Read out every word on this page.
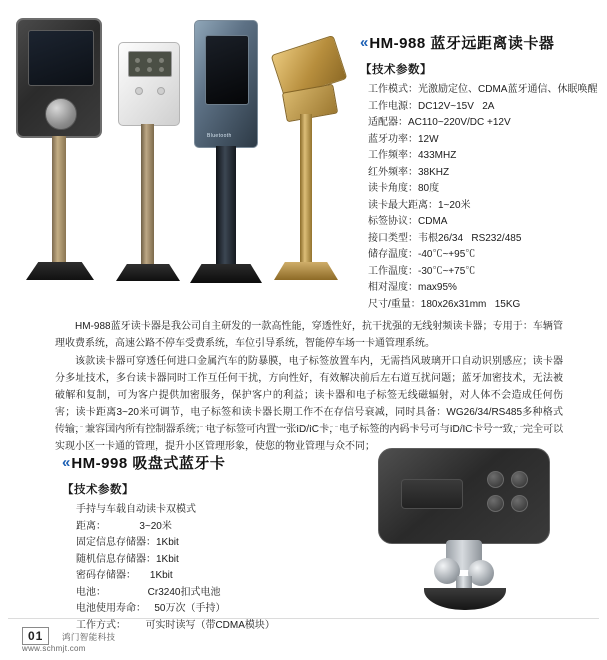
Bluetooth
« HM-988 蓝牙远距离读卡器
【技术参数】
工作模式：光激励定位、CDMA蓝牙通信、休眠唤醒
工作电源：DC12V~15V   2A
适配器：AC110~220V/DC +12V
蓝牙功率：12W
工作频率：433MHZ
红外频率：38KHZ
读卡角度：80度
读卡最大距离：1~20米
标签协议：CDMA
接口类型：韦根26/34   RS232/485
储存温度：-40℃~+95℃
工作温度：-30℃~+75℃
相对湿度：max95%
尺寸/重量：180x26x31mm   15KG

HM-988蓝牙读卡器是我公司自主研发的一款高性能，穿透性好，抗干扰强的无线射频读卡器；专用于：车辆管理收费系统，高速公路不停车受费系统，车位引导系统，智能停车场一卡通管理系统。

该款读卡器可穿透任何进口金属汽车的防暴膜，电子标签放置车内，无需挡风玻璃开口自动识别感应；读卡器分多址技术，多台读卡器同时工作互任何干扰，方向性好，有效解决前后左右道互扰问题；蓝牙加密技术，无法被破解和复制，可为客户提供加密服务，保护客户的利益；读卡器和电子标签无线磁辐射，对人体不会造成任何伤害；读卡距离3~20米可调节，电子标签和读卡器长期工作不在存信号衰减，同时具备：WG26/34/RS485多种格式传输，兼容国内所有控制器系统；电子标签可内置一张ID/IC卡，电子标签的内码卡号可与ID/IC卡号一致，完全可以实现小区一卡通的管理，提升小区管理形象，使您的物业管理与众不同；

« HM-998 吸盘式蓝牙卡
【技术参数】
手持与车载自动读卡双模式
距离：            3~20米
固定信息存储器：1Kbit
随机信息存储器：1Kbit
密码存储器：     1Kbit
电池：               Cr3240扣式电池
电池使用寿命：   50万次（手持）
工作方式：       可实时读写（带CDMA模块）
01	鸿门智能科技
www.schmjt.com
